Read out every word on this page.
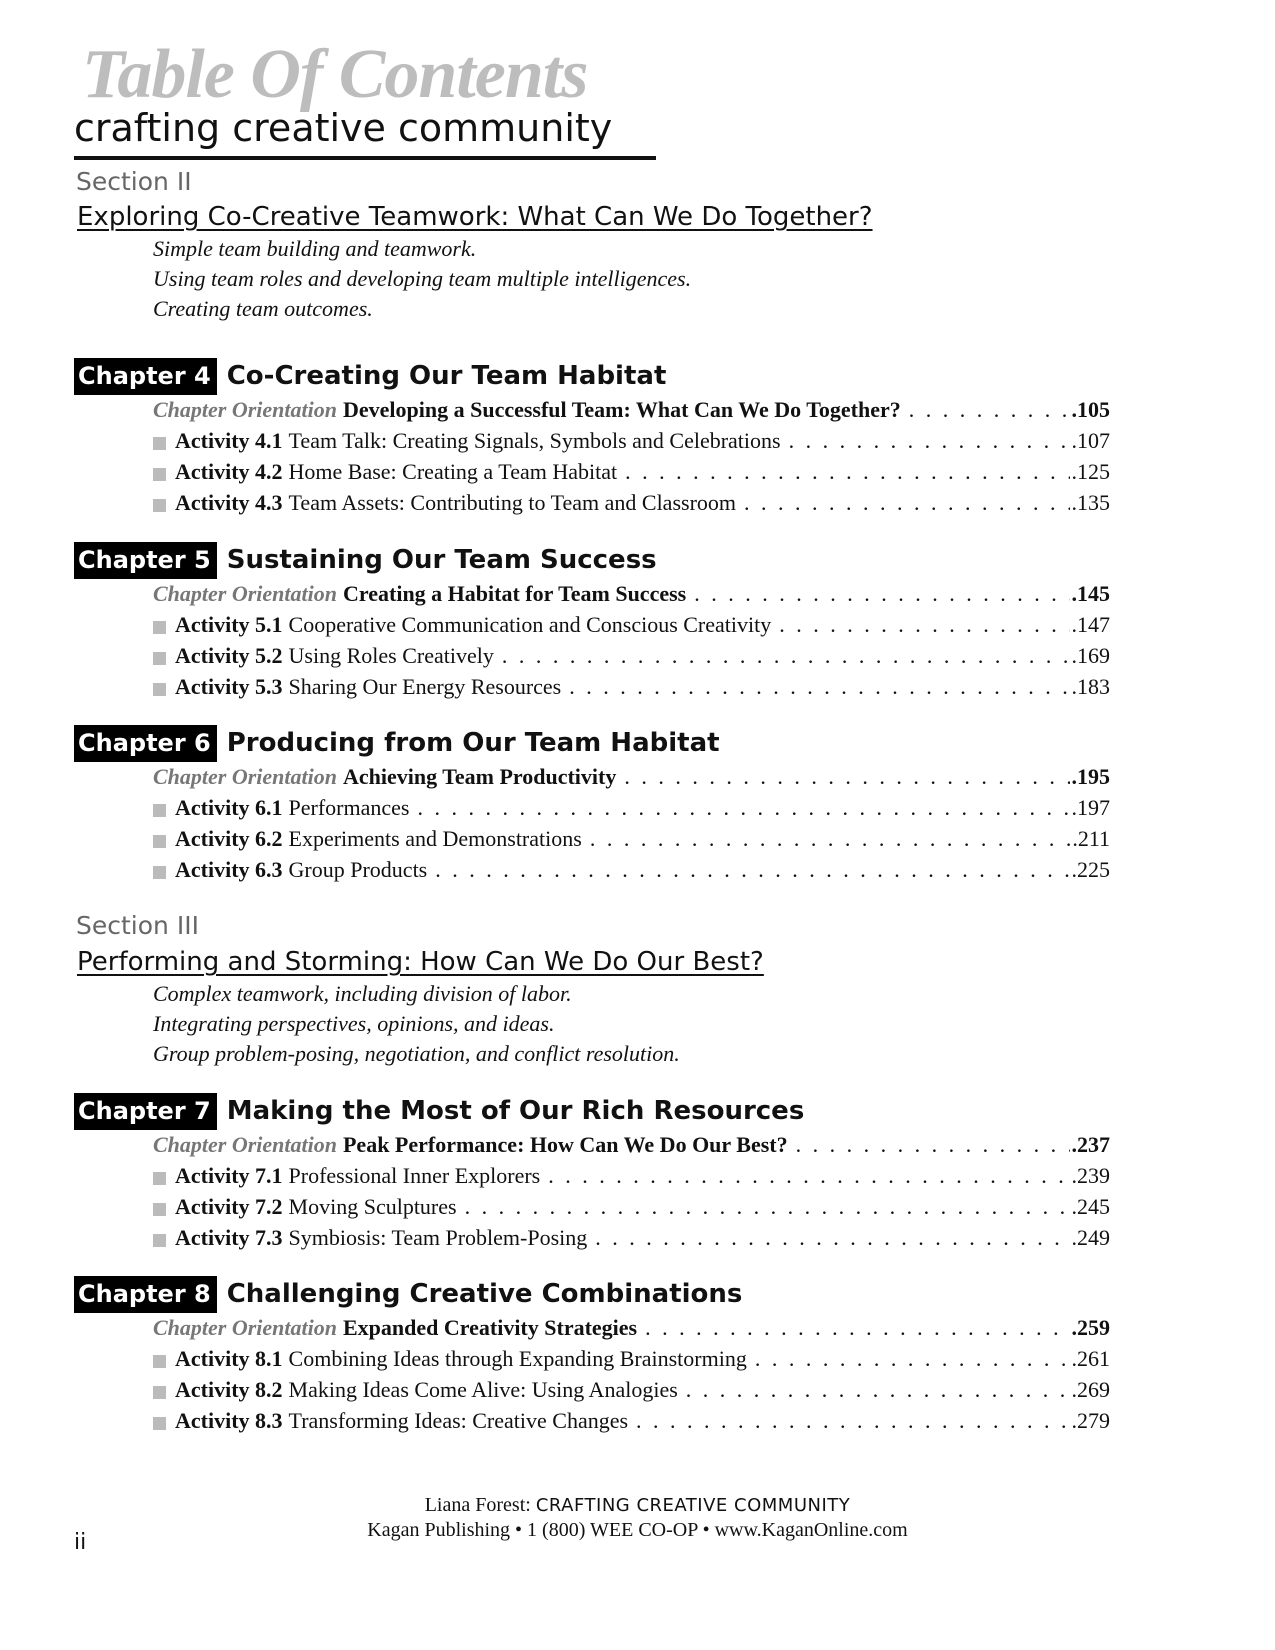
Table Of Contents
crafting creative community
Section II
Exploring Co-Creative Teamwork: What Can We Do Together?
Simple team building and teamwork.
Using team roles and developing team multiple intelligences.
Creating team outcomes.
Chapter 4 Co-Creating Our Team Habitat
Chapter Orientation Developing a Successful Team: What Can We Do Together? . . .	.105
Activity 4.1 Team Talk: Creating Signals, Symbols and Celebrations . . .	.107
Activity 4.2 Home Base: Creating a Team Habitat . . .	.125
Activity 4.3 Team Assets: Contributing to Team and Classroom . . .	.135
Chapter 5 Sustaining Our Team Success
Chapter Orientation Creating a Habitat for Team Success . . .	.145
Activity 5.1 Cooperative Communication and Conscious Creativity . . .	.147
Activity 5.2 Using Roles Creatively . . .	.169
Activity 5.3 Sharing Our Energy Resources . . .	.183
Chapter 6 Producing from Our Team Habitat
Chapter Orientation Achieving Team Productivity . . .	.195
Activity 6.1 Performances . . .	.197
Activity 6.2 Experiments and Demonstrations . . .	.211
Activity 6.3 Group Products . . .	.225
Section III
Performing and Storming: How Can We Do Our Best?
Complex teamwork, including division of labor.
Integrating perspectives, opinions, and ideas.
Group problem-posing, negotiation, and conflict resolution.
Chapter 7 Making the Most of Our Rich Resources
Chapter Orientation Peak Performance: How Can We Do Our Best? . . .	.237
Activity 7.1 Professional Inner Explorers . . .	.239
Activity 7.2 Moving Sculptures . . .	.245
Activity 7.3 Symbiosis: Team Problem-Posing . . .	.249
Chapter 8 Challenging Creative Combinations
Chapter Orientation Expanded Creativity Strategies . . .	.259
Activity 8.1 Combining Ideas through Expanding Brainstorming . . .	.261
Activity 8.2 Making Ideas Come Alive: Using Analogies . . .	.269
Activity 8.3 Transforming Ideas: Creative Changes . . .	.279
Liana Forest: CRAFTING CREATIVE COMMUNITY
Kagan Publishing • 1 (800) WEE CO-OP • www.KaganOnline.com
ii
